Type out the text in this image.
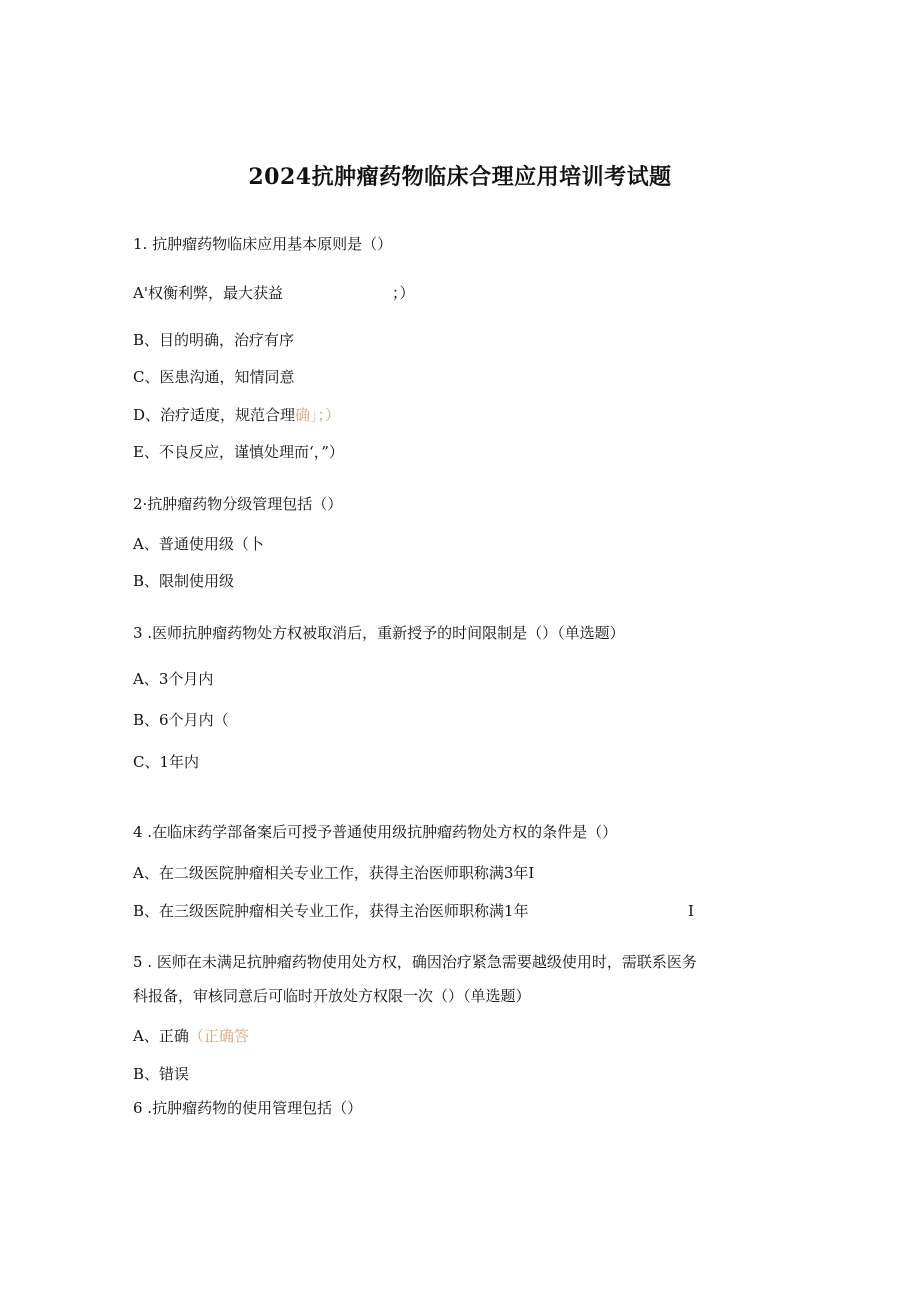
2024抗肿瘤药物临床合理应用培训考试题
1. 抗肿瘤药物临床应用基本原则是（）
A'权衡利弊，最大获益	；）
B、目的明确，治疗有序
C、医患沟通，知情同意
D、治疗适度，规范合理确」；）
E、不良反应，谨慎处理而‘，”）
2·抗肿瘤药物分级管理包括（）
A、普通使用级（卜
B、限制使用级
3 .医师抗肿瘤药物处方权被取消后，重新授予的时间限制是（）（单选题）
A、3个月内
B、6个月内（
C、1年内
4 .在临床药学部备案后可授予普通使用级抗肿瘤药物处方权的条件是（）
A、在二级医院肿瘤相关专业工作，获得主治医师职称满3年I
B、在三级医院肿瘤相关专业工作，获得主治医师职称满1年	I
5 . 医师在未满足抗肿瘤药物使用处方权，确因治疗紧急需要越级使用时，需联系医务
科报备，审核同意后可临时开放处方权限一次（）（单选题）
A、正确（正确答
B、错误
6 .抗肿瘤药物的使用管理包括（）
